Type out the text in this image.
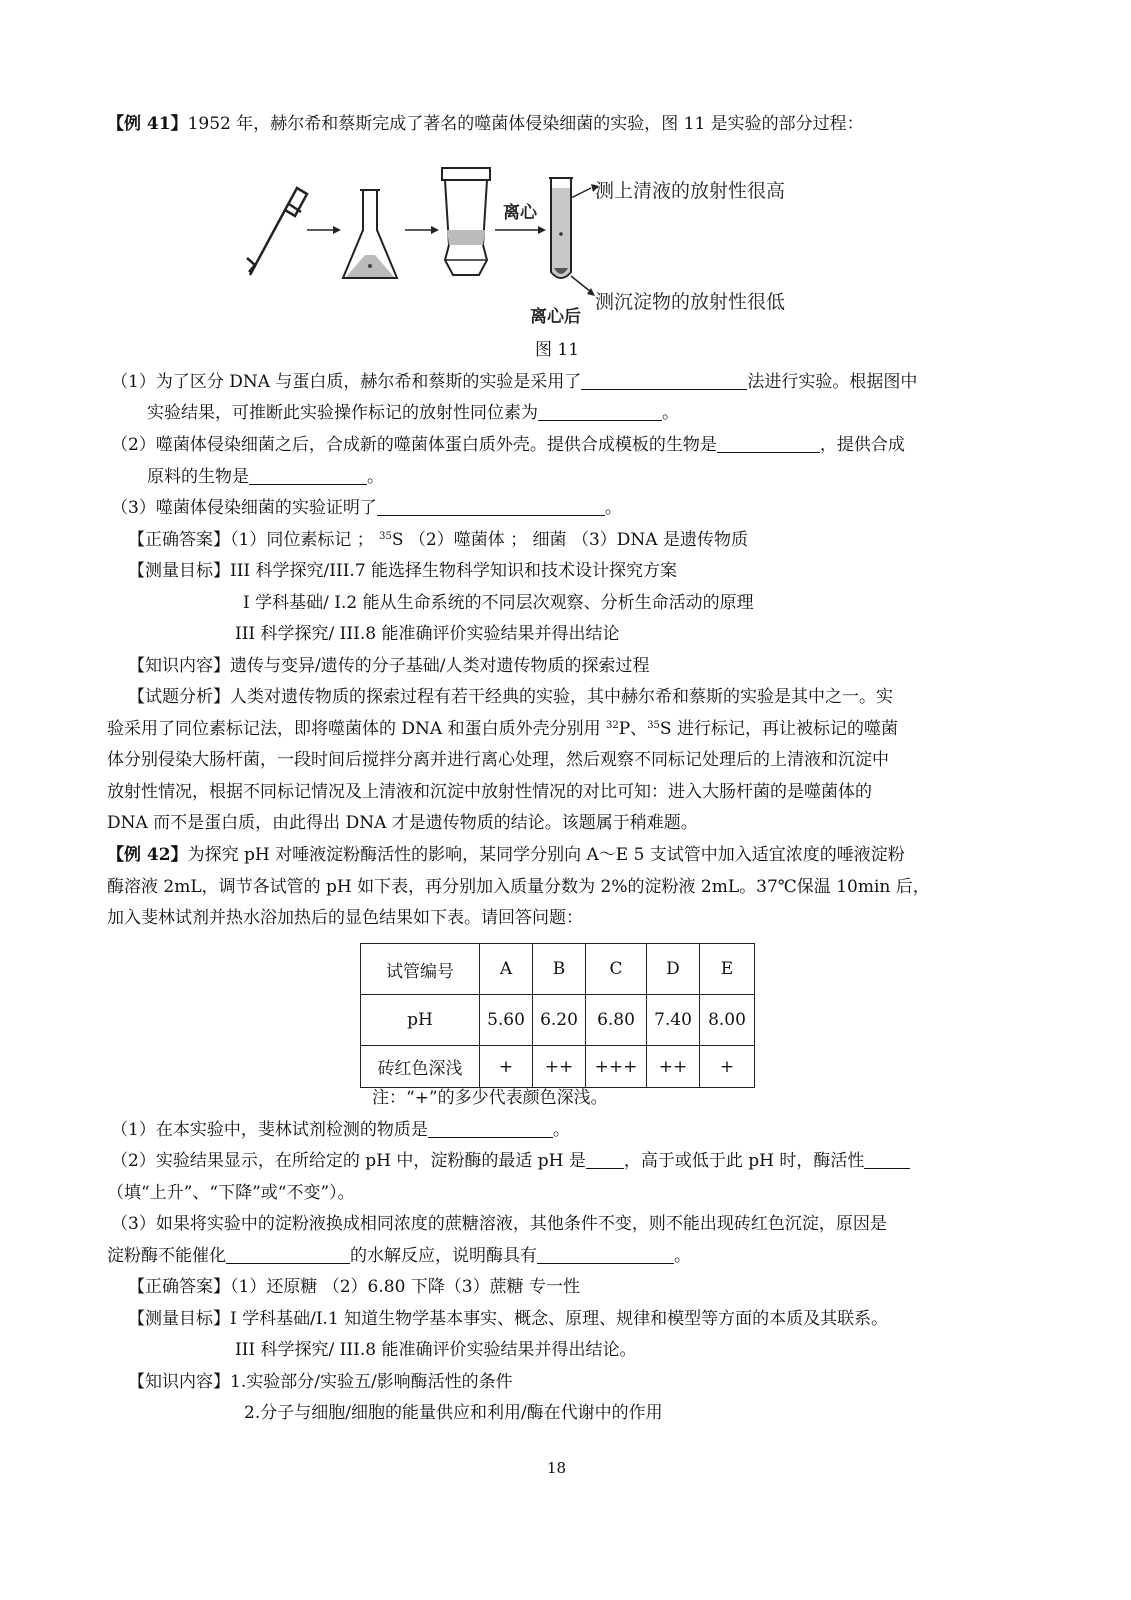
【例 41】1952 年，赫尔希和蔡斯完成了著名的噬菌体侵染细菌的实验，图 11 是实验的部分过程：
离心
测上清液的放射性很高
测沉淀物的放射性很低
离心后
图 11
（1）为了区分 DNA 与蛋白质，赫尔希和蔡斯的实验是采用了	法进行实验。根据图中
实验结果，可推断此实验操作标记的放射性同位素为	。
（2）噬菌体侵染细菌之后，合成新的噬菌体蛋白质外壳。提供合成模板的生物是	，提供合成
原料的生物是	。
（3）噬菌体侵染细菌的实验证明了	。
【正确答案】（1）同位素标记 ； $^{35}$S （2）噬菌体 ； 细菌 （3）DNA 是遗传物质
【测量目标】III 科学探究/III.7 能选择生物科学知识和技术设计探究方案
I 学科基础/ I.2 能从生命系统的不同层次观察、分析生命活动的原理
III 科学探究/ III.8 能准确评价实验结果并得出结论
【知识内容】遗传与变异/遗传的分子基础/人类对遗传物质的探索过程
【试题分析】人类对遗传物质的探索过程有若干经典的实验，其中赫尔希和蔡斯的实验是其中之一。实
验采用了同位素标记法，即将噬菌体的 DNA 和蛋白质外壳分别用 $^{32}$P、$^{35}$S 进行标记，再让被标记的噬菌
体分别侵染大肠杆菌，一段时间后搅拌分离并进行离心处理，然后观察不同标记处理后的上清液和沉淀中
放射性情况，根据不同标记情况及上清液和沉淀中放射性情况的对比可知：进入大肠杆菌的是噬菌体的
DNA 而不是蛋白质，由此得出 DNA 才是遗传物质的结论。该题属于稍难题。
【例 42】为探究 pH 对唾液淀粉酶活性的影响，某同学分别向 A～E 5 支试管中加入适宜浓度的唾液淀粉
酶溶液 2mL，调节各试管的 pH 如下表，再分别加入质量分数为 2%的淀粉液 2mL。37℃保温 10min 后，
加入斐林试剂并热水浴加热后的显色结果如下表。请回答问题：
试管编号	A	B	C	D	E
pH	5.60	6.20	6.80	7.40	8.00
砖红色深浅	+	++	+++	++	+
注：“+”的多少代表颜色深浅。
（1）在本实验中，斐林试剂检测的物质是	。
（2）实验结果显示，在所给定的 pH 中，淀粉酶的最适 pH 是 ，高于或低于此 pH 时，酶活性
（填“上升”、“下降”或“不变”）。
（3）如果将实验中的淀粉液换成相同浓度的蔗糖溶液，其他条件不变，则不能出现砖红色沉淀，原因是
淀粉酶不能催化	的水解反应，说明酶具有	。
【正确答案】（1）还原糖 （2）6.80 下降（3）蔗糖 专一性
【测量目标】I 学科基础/I.1 知道生物学基本事实、概念、原理、规律和模型等方面的本质及其联系。
III 科学探究/ III.8 能准确评价实验结果并得出结论。
【知识内容】1.实验部分/实验五/影响酶活性的条件
2.分子与细胞/细胞的能量供应和利用/酶在代谢中的作用
18
